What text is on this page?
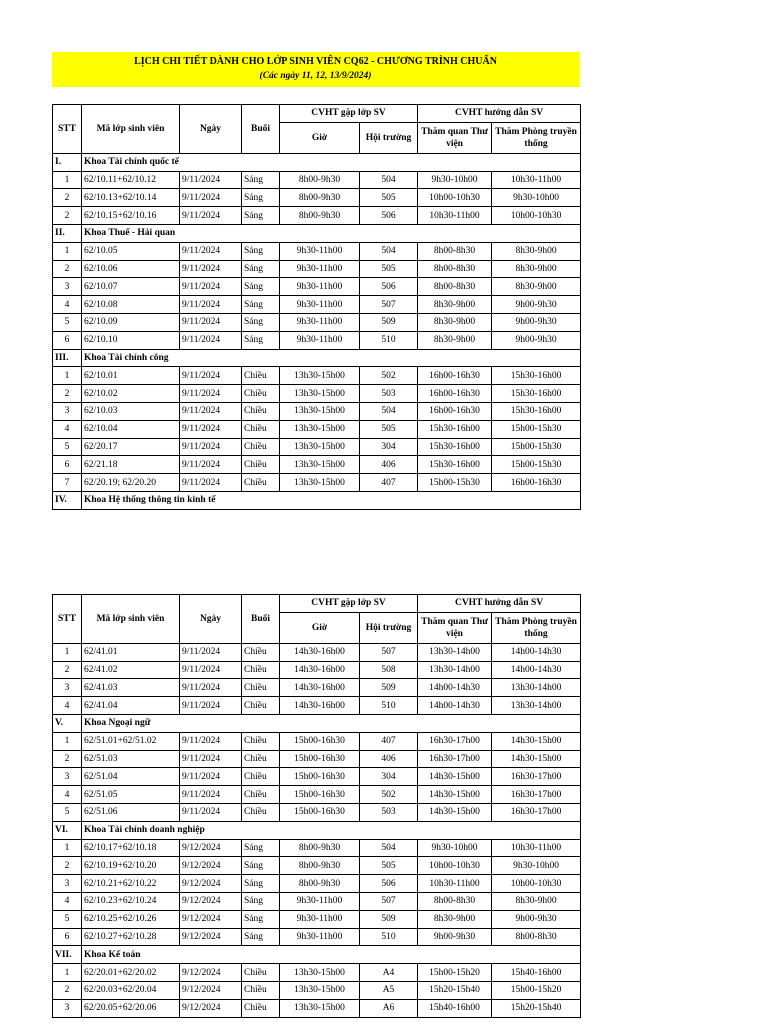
LỊCH CHI TIẾT DÀNH CHO LỚP SINH VIÊN CQ62 - CHƯƠNG TRÌNH CHUẨN
(Các ngày 11, 12, 13/9/2024)
STT	Mã lớp sinh viên	Ngày	Buổi	CVHT gặp lớp SV		CVHT hướng dẫn SV	
				Giờ	Hội trường	Thăm quan Thư viện	Thăm Phòng truyền thống
I.	Khoa Tài chính quốc tế						
1	62/10.11+62/10.12	9/11/2024	Sáng	8h00-9h30	504	9h30-10h00	10h30-11h00
2	62/10.13+62/10.14	9/11/2024	Sáng	8h00-9h30	505	10h00-10h30	9h30-10h00
2	62/10.15+62/10.16	9/11/2024	Sáng	8h00-9h30	506	10h30-11h00	10h00-10h30
II.	Khoa Thuế - Hải quan						
1	62/10.05	9/11/2024	Sáng	9h30-11h00	504	8h00-8h30	8h30-9h00
2	62/10.06	9/11/2024	Sáng	9h30-11h00	505	8h00-8h30	8h30-9h00
3	62/10.07	9/11/2024	Sáng	9h30-11h00	506	8h00-8h30	8h30-9h00
4	62/10.08	9/11/2024	Sáng	9h30-11h00	507	8h30-9h00	9h00-9h30
5	62/10.09	9/11/2024	Sáng	9h30-11h00	509	8h30-9h00	9h00-9h30
6	62/10.10	9/11/2024	Sáng	9h30-11h00	510	8h30-9h00	9h00-9h30
III.	Khoa Tài chính công						
1	62/10.01	9/11/2024	Chiều	13h30-15h00	502	16h00-16h30	15h30-16h00
2	62/10.02	9/11/2024	Chiều	13h30-15h00	503	16h00-16h30	15h30-16h00
3	62/10.03	9/11/2024	Chiều	13h30-15h00	504	16h00-16h30	15h30-16h00
4	62/10.04	9/11/2024	Chiều	13h30-15h00	505	15h30-16h00	15h00-15h30
5	62/20.17	9/11/2024	Chiều	13h30-15h00	304	15h30-16h00	15h00-15h30
6	62/21.18	9/11/2024	Chiều	13h30-15h00	406	15h30-16h00	15h00-15h30
7	62/20.19; 62/20.20	9/11/2024	Chiều	13h30-15h00	407	15h00-15h30	16h00-16h30
IV.	Khoa Hệ thống thông tin kinh tế						
STT	Mã lớp sinh viên	Ngày	Buổi	CVHT gặp lớp SV		CVHT hướng dẫn SV	
				Giờ	Hội trường	Thăm quan Thư viện	Thăm Phòng truyền thống
1	62/41.01	9/11/2024	Chiều	14h30-16h00	507	13h30-14h00	14h00-14h30
2	62/41.02	9/11/2024	Chiều	14h30-16h00	508	13h30-14h00	14h00-14h30
3	62/41.03	9/11/2024	Chiều	14h30-16h00	509	14h00-14h30	13h30-14h00
4	62/41.04	9/11/2024	Chiều	14h30-16h00	510	14h00-14h30	13h30-14h00
V.	Khoa Ngoại ngữ						
1	62/51.01+62/51.02	9/11/2024	Chiều	15h00-16h30	407	16h30-17h00	14h30-15h00
2	62/51.03	9/11/2024	Chiều	15h00-16h30	406	16h30-17h00	14h30-15h00
3	62/51.04	9/11/2024	Chiều	15h00-16h30	304	14h30-15h00	16h30-17h00
4	62/51.05	9/11/2024	Chiều	15h00-16h30	502	14h30-15h00	16h30-17h00
5	62/51.06	9/11/2024	Chiều	15h00-16h30	503	14h30-15h00	16h30-17h00
VI.	Khoa Tài chính doanh nghiệp						
1	62/10.17+62/10.18	9/12/2024	Sáng	8h00-9h30	504	9h30-10h00	10h30-11h00
2	62/10.19+62/10.20	9/12/2024	Sáng	8h00-9h30	505	10h00-10h30	9h30-10h00
3	62/10.21+62/10.22	9/12/2024	Sáng	8h00-9h30	506	10h30-11h00	10h00-10h30
4	62/10.23+62/10.24	9/12/2024	Sáng	9h30-11h00	507	8h00-8h30	8h30-9h00
5	62/10.25+62/10.26	9/12/2024	Sáng	9h30-11h00	509	8h30-9h00	9h00-9h30
6	62/10.27+62/10.28	9/12/2024	Sáng	9h30-11h00	510	9h00-9h30	8h00-8h30
VII.	Khoa Kế toán						
1	62/20.01+62/20.02	9/12/2024	Chiều	13h30-15h00	A4	15h00-15h20	15h40-16h00
2	62/20.03+62/20.04	9/12/2024	Chiều	13h30-15h00	A5	15h20-15h40	15h00-15h20
3	62/20.05+62/20.06	9/12/2024	Chiều	13h30-15h00	A6	15h40-16h00	15h20-15h40
